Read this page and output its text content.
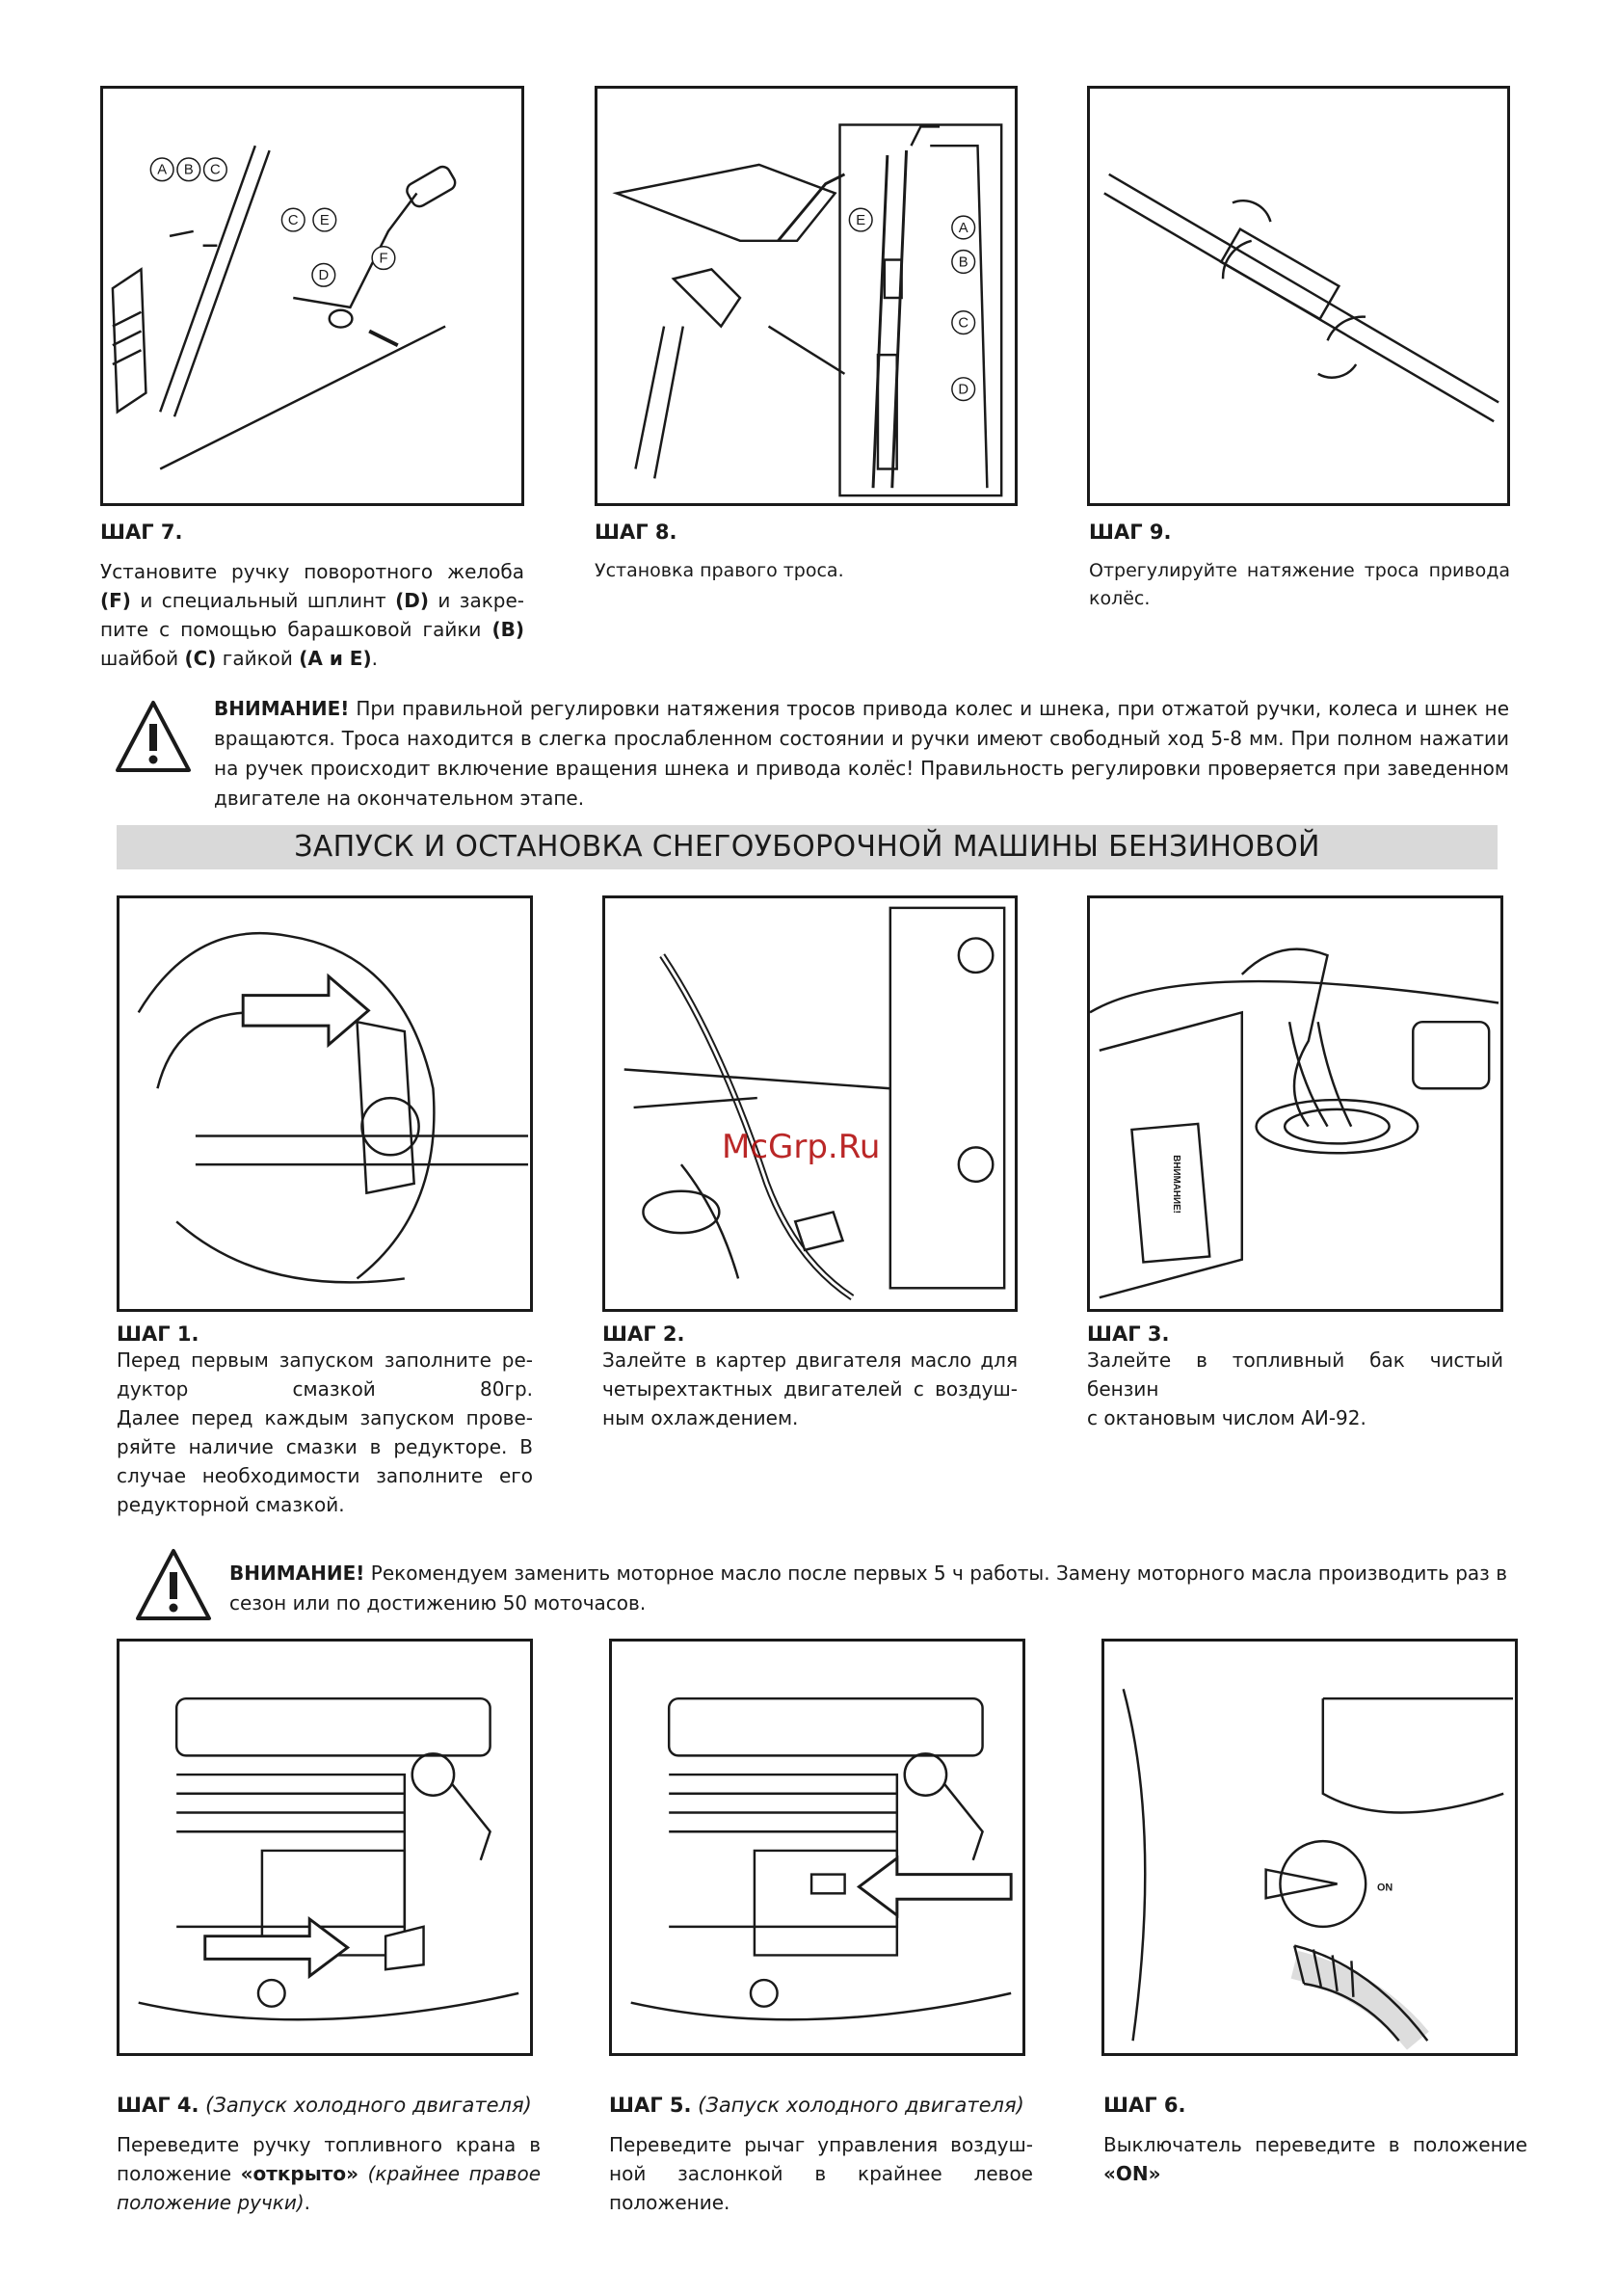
A B C
C E
D
F
E	A
B
C
D

ШАГ 7.

Установите ручку поворотного желоба
(F) и специальный шплинт (D) и закре-
пите с помощью барашковой гайки (B)
шайбой (C) гайкой (A и E).

ШАГ 8.

Установка правого троса.

ШАГ 9.

Отрегулируйте натяжение троса привода
колёс.
ВНИМАНИЕ! При правильной регулировки натяжения тросов привода колес и шнека, при отжатой ручки, колеса и шнек не вращаются. Троса находится в слегка прослабленном состоянии и ручки имеют свободный ход 5-8 мм. При полном нажатии на ручек происходит включение вращения шнека и привода колёс! Правильность регулировки проверяется при заведенном двигателе на окончательном этапе.
ЗАПУСК И ОСТАНОВКА СНЕГОУБОРОЧНОЙ МАШИНЫ БЕНЗИНОВОЙ
ВНИМАНИЕ!
McGrp.Ru

ШАГ 1.

Перед первым запуском заполните ре-
дуктор смазкой 80гр.
Далее перед каждым запуском прове-
ряйте наличие смазки в редукторе. В
случае необходимости заполните его
редукторной смазкой.

ШАГ 2.

Залейте в картер двигателя масло для
четырехтактных двигателей с воздуш-
ным охлаждением.

ШАГ 3.

Залейте в топливный бак чистый бензин
с октановым числом АИ-92.
ВНИМАНИЕ! Рекомендуем заменить моторное масло после первых 5 ч работы. Замену моторного масла производить раз в сезон или по достижению 50 моточасов.
ON

ШАГ 4. (Запуск холодного двигателя)

Переведите ручку топливного крана в
положение «открыто» (крайнее правое
положение ручки).

ШАГ 5. (Запуск холодного двигателя)

Переведите рычаг управления воздуш-
ной заслонкой в крайнее левое
положение.

ШАГ 6.

Выключатель переведите в положение
«ON»
